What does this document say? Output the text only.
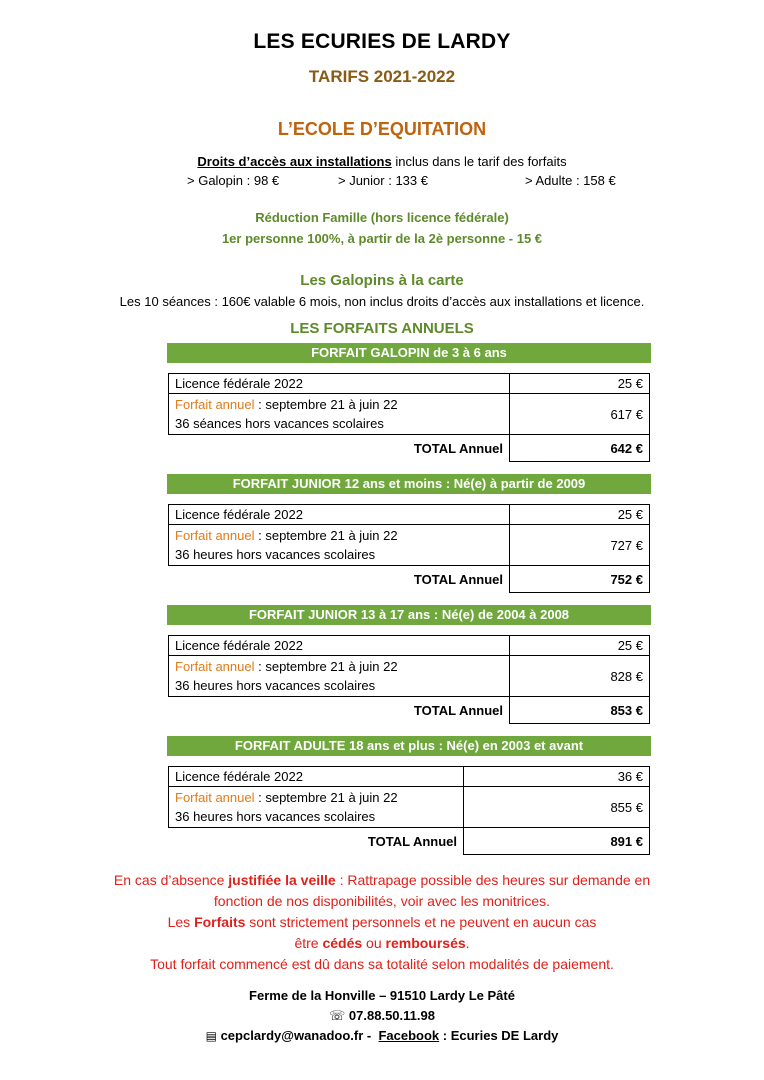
LES ECURIES DE LARDY
TARIFS 2021-2022
L’ECOLE D’EQUITATION
Droits d’accès aux installations inclus dans le tarif des forfaits
> Galopin : 98 €	> Junior : 133 €	> Adulte : 158 €
Réduction Famille (hors licence fédérale)
1er personne 100%, à partir de la 2è personne - 15 €
Les Galopins à la carte
Les 10 séances : 160€ valable 6 mois, non inclus droits d’accès aux installations et licence.
LES FORFAITS ANNUELS
FORFAIT GALOPIN de 3 à 6 ans
Licence fédérale 2022	25 €
Forfait annuel : septembre 21 à juin 22
36 séances hors vacances scolaires	617 €
TOTAL Annuel	642 €
FORFAIT JUNIOR 12 ans et moins : Né(e) à partir de 2009
Licence fédérale 2022	25 €
Forfait annuel : septembre 21 à juin 22
36 heures hors vacances scolaires	727 €
TOTAL Annuel	752 €
FORFAIT JUNIOR 13 à 17 ans : Né(e) de 2004 à 2008
Licence fédérale 2022	25 €
Forfait annuel : septembre 21 à juin 22
36 heures hors vacances scolaires	828 €
TOTAL Annuel	853 €
FORFAIT ADULTE 18 ans et plus : Né(e) en 2003 et avant
Licence fédérale 2022	36 €
Forfait annuel : septembre 21 à juin 22
36 heures hors vacances scolaires	855 €
TOTAL Annuel	891 €
En cas d’absence justifiée la veille : Rattrapage possible des heures sur demande en
fonction de nos disponibilités, voir avec les monitrices.
Les Forfaits sont strictement personnels et ne peuvent en aucun cas
être cédés ou remboursés.
Tout forfait commencé est dû dans sa totalité selon modalités de paiement.
Ferme de la Honville – 91510 Lardy Le Pâté
☏ 07.88.50.11.98
▤ cepclardy@wanadoo.fr - Facebook : Ecuries DE Lardy
